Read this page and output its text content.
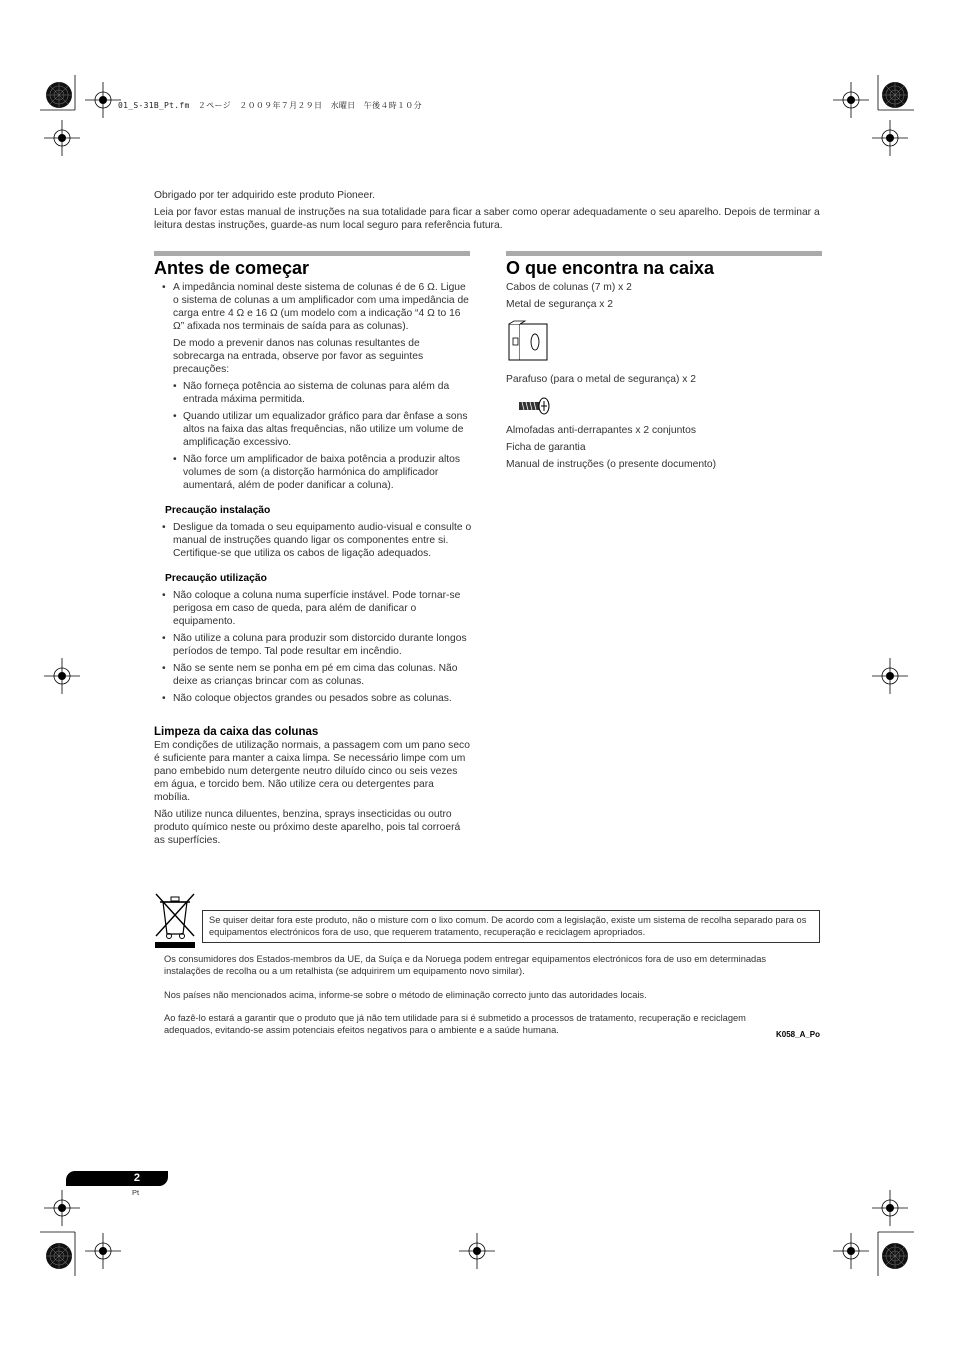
01_S-31B_Pt.fm　２ページ　２００９年７月２９日　水曜日　午後４時１０分

Obrigado por ter adquirido este produto Pioneer.

Leia por favor estas manual de instruções na sua totalidade para ficar a saber como operar adequadamente o seu aparelho. Depois de terminar a leitura destas instruções, guarde-as num local seguro para referência futura.

Antes de começar

• A impedância nominal deste sistema de colunas é de 6 Ω. Ligue o sistema de colunas a um amplificador com uma impedância de carga entre 4 Ω e 16 Ω (um modelo com a indicação “4 Ω to 16 Ω” afixada nos terminais de saída para as colunas).

De modo a prevenir danos nas colunas resultantes de sobrecarga na entrada, observe por favor as seguintes precauções:

• Não forneça potência ao sistema de colunas para além da entrada máxima permitida.

• Quando utilizar um equalizador gráfico para dar ênfase a sons altos na faixa das altas frequências, não utilize um volume de amplificação excessivo.

• Não force um amplificador de baixa potência a produzir altos volumes de som (a distorção harmónica do amplificador aumentará, além de poder danificar a coluna).

Precaução instalação

• Desligue da tomada o seu equipamento audio-visual e consulte o manual de instruções quando ligar os componentes entre si. Certifique-se que utiliza os cabos de ligação adequados.

Precaução utilização

• Não coloque a coluna numa superfície instável. Pode tornar-se perigosa em caso de queda, para além de danificar o equipamento.

• Não utilize a coluna para produzir som distorcido durante longos períodos de tempo. Tal pode resultar em incêndio.

• Não se sente nem se ponha em pé em cima das colunas. Não deixe as crianças brincar com as colunas.

• Não coloque objectos grandes ou pesados sobre as colunas.

Limpeza da caixa das colunas

Em condições de utilização normais, a passagem com um pano seco é suficiente para manter a caixa limpa. Se necessário limpe com um pano embebido num detergente neutro diluído cinco ou seis vezes em água, e torcido bem. Não utilize cera ou detergentes para mobília.

Não utilize nunca diluentes, benzina, sprays insecticidas ou outro produto químico neste ou próximo deste aparelho, pois tal corroerá as superfícies.

O que encontra na caixa

Cabos de colunas (7 m) x 2

Metal de segurança x 2

Parafuso (para o metal de segurança) x 2

Almofadas anti-derrapantes x 2 conjuntos

Ficha de garantia

Manual de instruções (o presente documento)

Se quiser deitar fora este produto, não o misture com o lixo comum. De acordo com a legislação, existe um sistema de recolha separado para os equipamentos electrónicos fora de uso, que requerem tratamento, recuperação e reciclagem apropriados.

Os consumidores dos Estados-membros da UE, da Suíça e da Noruega podem entregar equipamentos electrónicos fora de uso em determinadas instalações de recolha ou a um retalhista (se adquirirem um equipamento novo similar).

Nos países não mencionados acima, informe-se sobre o método de eliminação correcto junto das autoridades locais.

Ao fazê-lo estará a garantir que o produto que já não tem utilidade para si é submetido a processos de tratamento, recuperação e reciclagem adequados, evitando-se assim potenciais efeitos negativos para o ambiente e a saúde humana.	K058_A_Po
2
Pt
